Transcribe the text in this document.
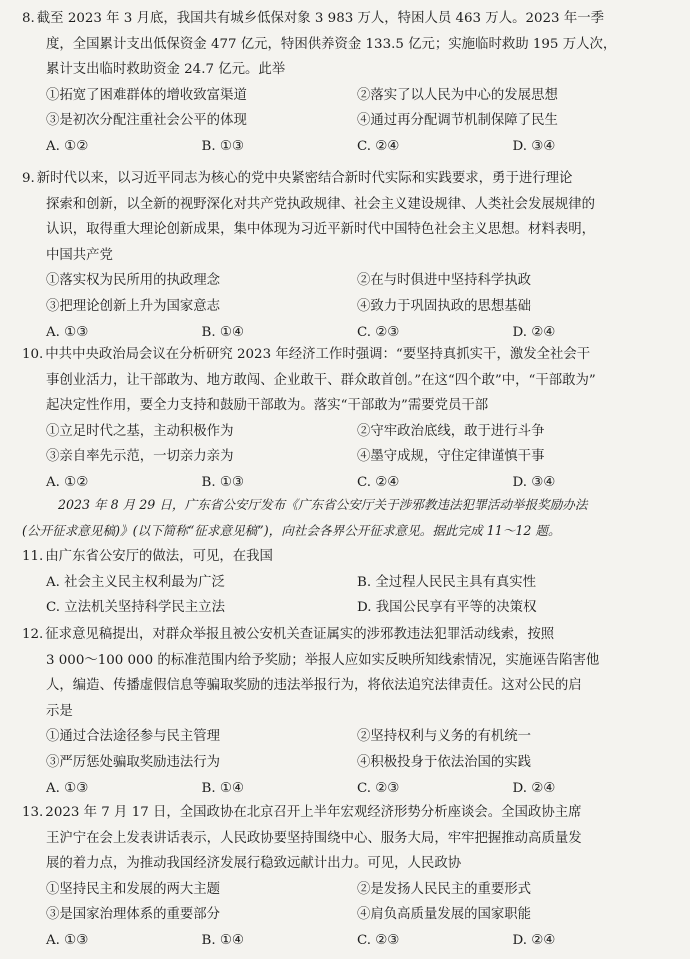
8. 截至 2023 年 3 月底，我国共有城乡低保对象 3 983 万人，特困人员 463 万人。2023 年一季
度，全国累计支出低保资金 477 亿元，特困供养资金 133.5 亿元；实施临时救助 195 万人次，
累计支出临时救助资金 24.7 亿元。此举
①拓宽了困难群体的增收致富渠道	②落实了以人民为中心的发展思想
③是初次分配注重社会公平的体现	④通过再分配调节机制保障了民生
A. ①②	B. ①③	C. ②④	D. ③④
9. 新时代以来，以习近平同志为核心的党中央紧密结合新时代实际和实践要求，勇于进行理论
探索和创新，以全新的视野深化对共产党执政规律、社会主义建设规律、人类社会发展规律的
认识，取得重大理论创新成果，集中体现为习近平新时代中国特色社会主义思想。材料表明，
中国共产党
①落实权为民所用的执政理念	②在与时俱进中坚持科学执政
③把理论创新上升为国家意志	④致力于巩固执政的思想基础
A. ①③	B. ①④	C. ②③	D. ②④
10. 中共中央政治局会议在分析研究 2023 年经济工作时强调：“要坚持真抓实干，激发全社会干
事创业活力，让干部敢为、地方敢闯、企业敢干、群众敢首创。”在这“四个敢”中，“干部敢为”
起决定性作用，要全力支持和鼓励干部敢为。落实“干部敢为”需要党员干部
①立足时代之基，主动积极作为	②守牢政治底线，敢于进行斗争
③亲自率先示范，一切亲力亲为	④墨守成规，守住定律谨慎干事
A. ①②	B. ①③	C. ②④	D. ③④
2023 年 8 月 29 日，广东省公安厅发布《广东省公安厅关于涉邪教违法犯罪活动举报奖励办法
(公开征求意见稿)》(以下简称“征求意见稿”)，向社会各界公开征求意见。据此完成 11～12 题。
11. 由广东省公安厅的做法，可见，在我国
A. 社会主义民主权利最为广泛	B. 全过程人民民主具有真实性
C. 立法机关坚持科学民主立法	D. 我国公民享有平等的决策权
12. 征求意见稿提出，对群众举报且被公安机关查证属实的涉邪教违法犯罪活动线索，按照
3 000～100 000 的标准范围内给予奖励；举报人应如实反映所知线索情况，实施诬告陷害他
人，编造、传播虚假信息等骗取奖励的违法举报行为，将依法追究法律责任。这对公民的启
示是
①通过合法途径参与民主管理	②坚持权利与义务的有机统一
③严厉惩处骗取奖励违法行为	④积极投身于依法治国的实践
A. ①③	B. ①④	C. ②③	D. ②④
13. 2023 年 7 月 17 日，全国政协在北京召开上半年宏观经济形势分析座谈会。全国政协主席
王沪宁在会上发表讲话表示，人民政协要坚持围绕中心、服务大局，牢牢把握推动高质量发
展的着力点，为推动我国经济发展行稳致远献计出力。可见，人民政协
①坚持民主和发展的两大主题	②是发扬人民民主的重要形式
③是国家治理体系的重要部分	④肩负高质量发展的国家职能
A. ①③	B. ①④	C. ②③	D. ②④
